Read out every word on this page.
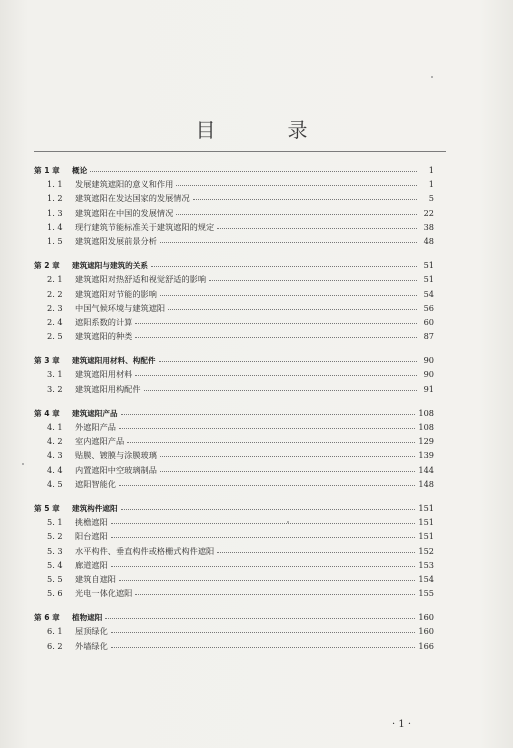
目　录
第 1 章	概论	1
1. 1	发展建筑遮阳的意义和作用	1
1. 2	建筑遮阳在发达国家的发展情况	5
1. 3	建筑遮阳在中国的发展情况	22
1. 4	现行建筑节能标准关于建筑遮阳的规定	38
1. 5	建筑遮阳发展前景分析	48
第 2 章	建筑遮阳与建筑的关系	51
2. 1	建筑遮阳对热舒适和视觉舒适的影响	51
2. 2	建筑遮阳对节能的影响	54
2. 3	中国气候环境与建筑遮阳	56
2. 4	遮阳系数的计算	60
2. 5	建筑遮阳的种类	87
第 3 章	建筑遮阳用材料、构配件	90
3. 1	建筑遮阳用材料	90
3. 2	建筑遮阳用构配件	91
第 4 章	建筑遮阳产品	108
4. 1	外遮阳产品	108
4. 2	室内遮阳产品	129
4. 3	贴膜、镀膜与涂膜玻璃	139
4. 4	内置遮阳中空玻璃制品	144
4. 5	遮阳智能化	148
第 5 章	建筑构件遮阳	151
5. 1	挑檐遮阳	151
5. 2	阳台遮阳	151
5. 3	水平构件、垂直构件或格栅式构件遮阳	152
5. 4	廊道遮阳	153
5. 5	建筑自遮阳	154
5. 6	光电一体化遮阳	155
第 6 章	植物遮阳	160
6. 1	屋顶绿化	160
6. 2	外墙绿化	166
· 1 ·
